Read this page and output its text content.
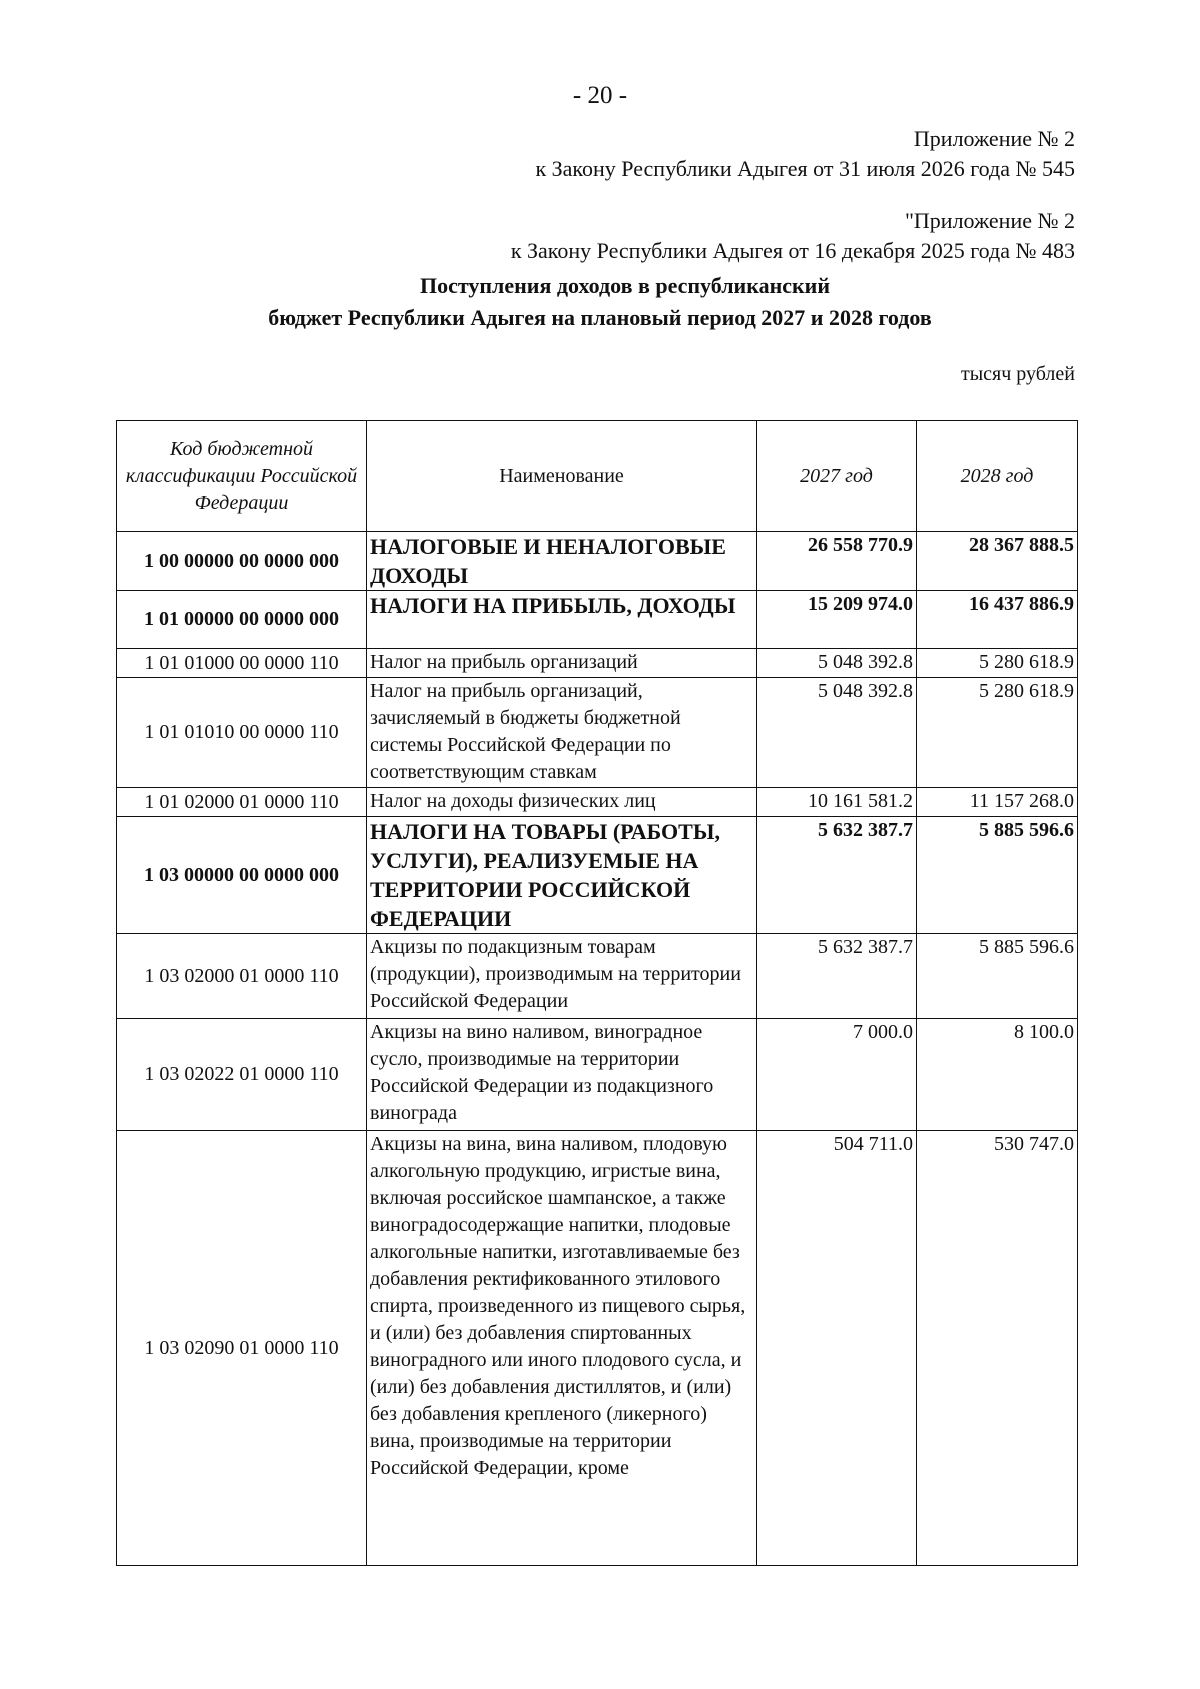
- 20 -
Приложение № 2
к Закону Республики Адыгея от 31 июля 2026 года № 545
"Приложение № 2
к Закону Республики Адыгея от 16 декабря 2025 года № 483
Поступления доходов в республиканский
бюджет Республики Адыгея на плановый период 2027 и 2028 годов
тысяч рублей
Код бюджетной классификации Российской Федерации	Наименование	2027 год	2028 год
1 00 00000 00 0000 000	НАЛОГОВЫЕ И НЕНАЛОГОВЫЕ ДОХОДЫ	26 558 770.9	28 367 888.5
1 01 00000 00 0000 000	НАЛОГИ НА ПРИБЫЛЬ, ДОХОДЫ	15 209 974.0	16 437 886.9
1 01 01000 00 0000 110	Налог на прибыль организаций	5 048 392.8	5 280 618.9
1 01 01010 00 0000 110	Налог на прибыль организаций, зачисляемый в бюджеты бюджетной системы Российской Федерации по соответствующим ставкам	5 048 392.8	5 280 618.9
1 01 02000 01 0000 110	Налог на доходы физических лиц	10 161 581.2	11 157 268.0
1 03 00000 00 0000 000	НАЛОГИ НА ТОВАРЫ (РАБОТЫ, УСЛУГИ), РЕАЛИЗУЕМЫЕ НА ТЕРРИТОРИИ РОССИЙСКОЙ ФЕДЕРАЦИИ	5 632 387.7	5 885 596.6
1 03 02000 01 0000 110	Акцизы по подакцизным товарам (продукции), производимым на территории Российской Федерации	5 632 387.7	5 885 596.6
1 03 02022 01 0000 110	Акцизы на вино наливом, виноградное сусло, производимые на территории Российской Федерации из подакцизного винограда	7 000.0	8 100.0
1 03 02090 01 0000 110	Акцизы на вина, вина наливом, плодовую алкогольную продукцию, игристые вина, включая российское шампанское, а также виноградосодержащие напитки, плодовые алкогольные напитки, изготавливаемые без добавления ректификованного этилового спирта, произведенного из пищевого сырья, и (или) без добавления спиртованных виноградного или иного плодового сусла, и (или) без добавления дистиллятов, и (или) без добавления крепленого (ликерного) вина, производимые на территории Российской Федерации, кроме	504 711.0	530 747.0
